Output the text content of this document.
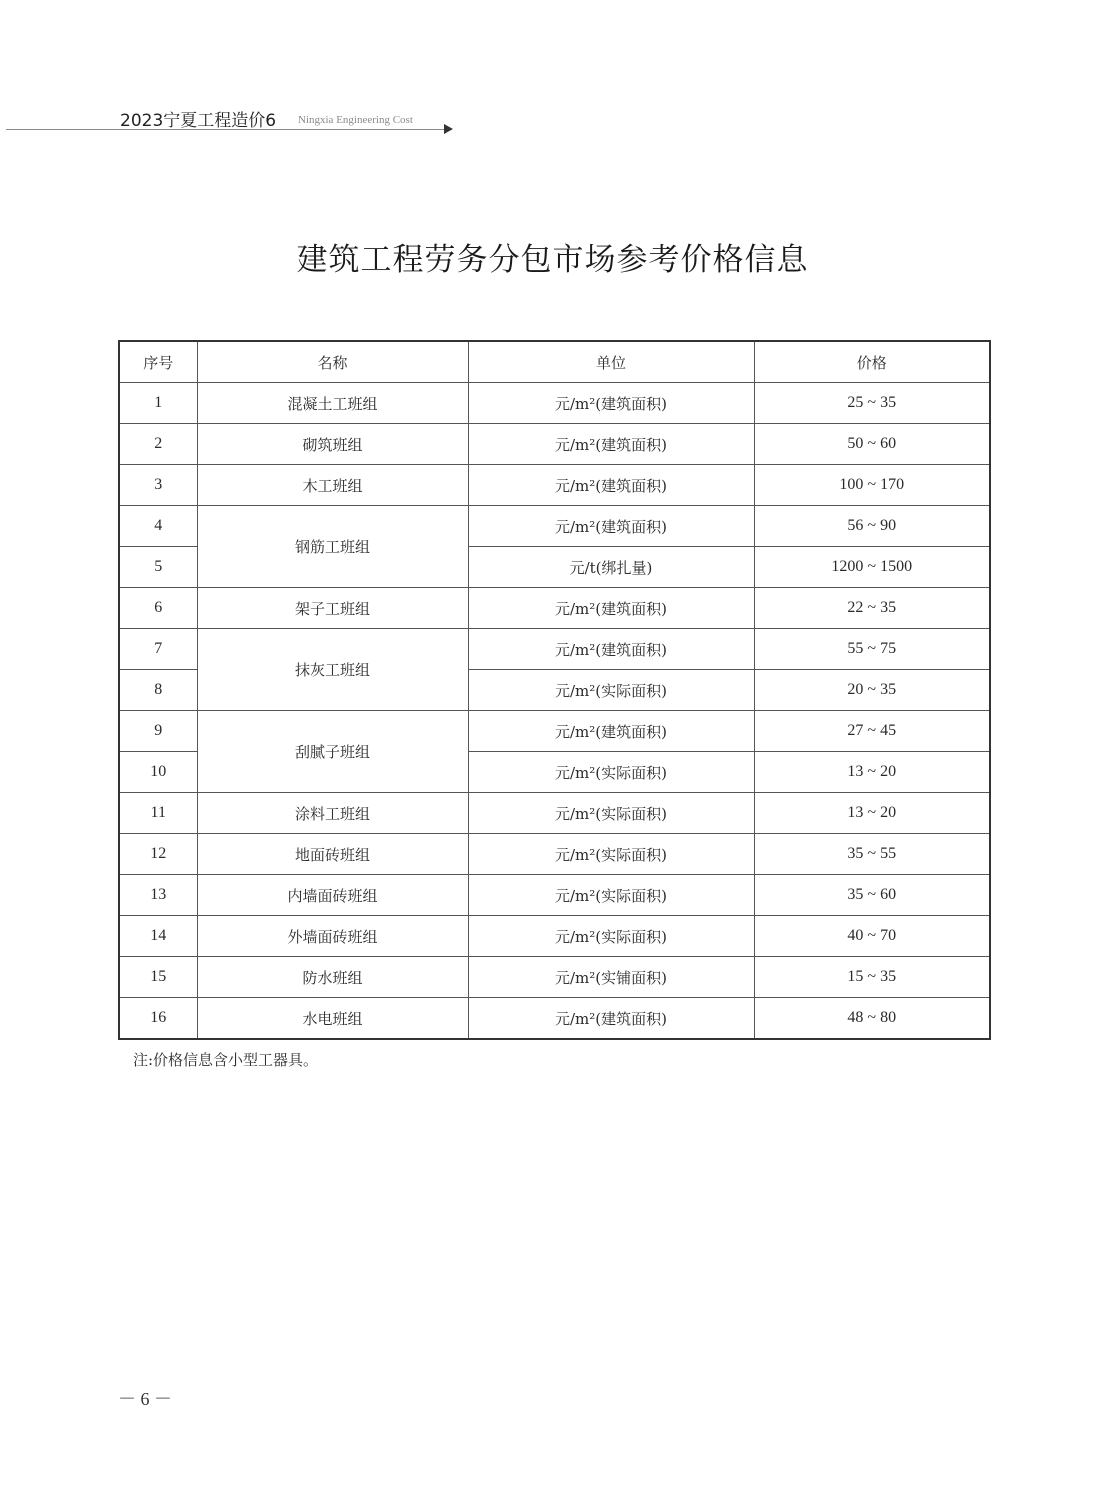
2023宁夏工程造价6 Ningxia Engineering Cost
建筑工程劳务分包市场参考价格信息
序号	名称	单位	价格
1	混凝土工班组	元/m²(建筑面积)	25 ~ 35
2	砌筑班组	元/m²(建筑面积)	50 ~ 60
3	木工班组	元/m²(建筑面积)	100 ~ 170
4	钢筋工班组	元/m²(建筑面积)	56 ~ 90
5		元/t(绑扎量)	1200 ~ 1500
6	架子工班组	元/m²(建筑面积)	22 ~ 35
7	抹灰工班组	元/m²(建筑面积)	55 ~ 75
8		元/m²(实际面积)	20 ~ 35
9	刮腻子班组	元/m²(建筑面积)	27 ~ 45
10		元/m²(实际面积)	13 ~ 20
11	涂料工班组	元/m²(实际面积)	13 ~ 20
12	地面砖班组	元/m²(实际面积)	35 ~ 55
13	内墙面砖班组	元/m²(实际面积)	35 ~ 60
14	外墙面砖班组	元/m²(实际面积)	40 ~ 70
15	防水班组	元/m²(实铺面积)	15 ~ 35
16	水电班组	元/m²(建筑面积)	48 ~ 80
注:价格信息含小型工器具。
－ 6 －
